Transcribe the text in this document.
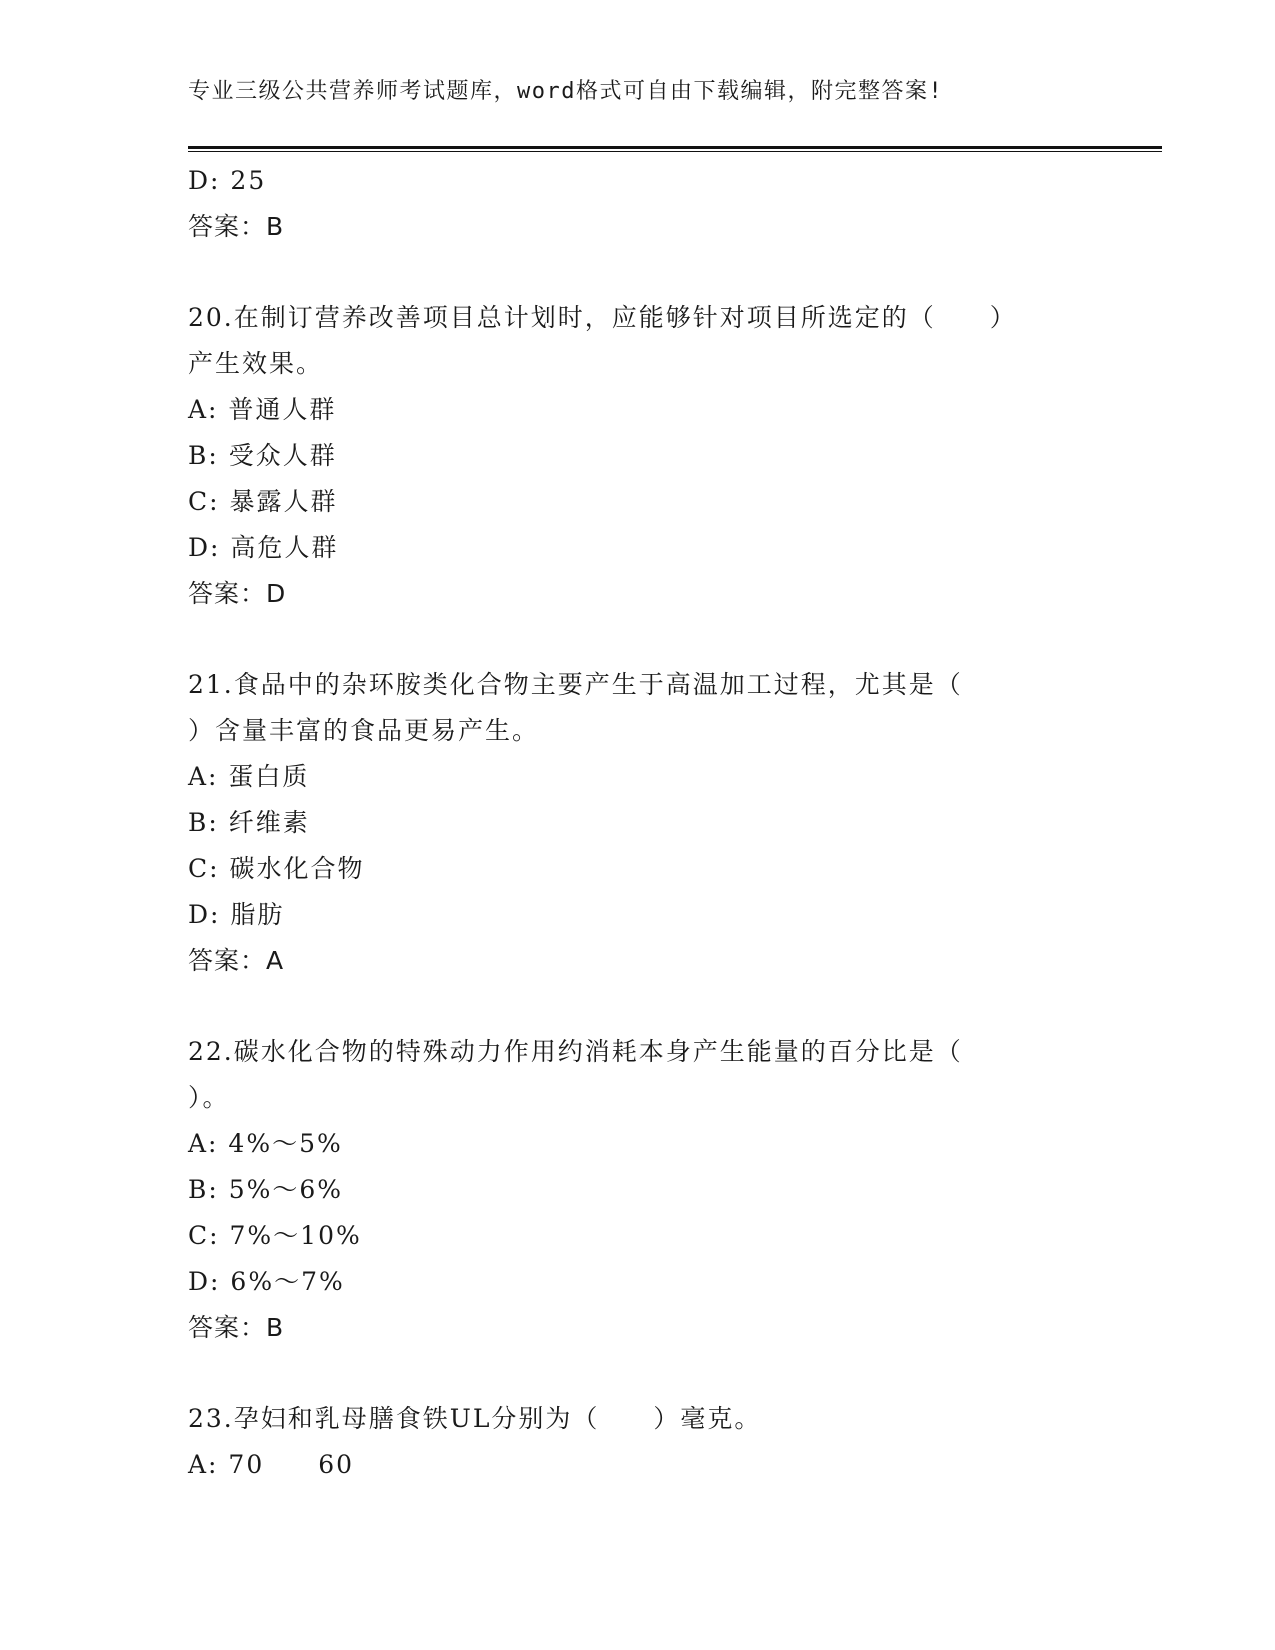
专业三级公共营养师考试题库，word格式可自由下载编辑，附完整答案!
D: 25
答案：B
20.在制订营养改善项目总计划时，应能够针对项目所选定的（　　）
产生效果。
A: 普通人群
B: 受众人群
C: 暴露人群
D: 高危人群
答案：D
21.食品中的杂环胺类化合物主要产生于高温加工过程，尤其是（
）含量丰富的食品更易产生。
A: 蛋白质
B: 纤维素
C: 碳水化合物
D: 脂肪
答案：A
22.碳水化合物的特殊动力作用约消耗本身产生能量的百分比是（
）。
A: 4%～5%
B: 5%～6%
C: 7%～10%
D: 6%～7%
答案：B
23.孕妇和乳母膳食铁UL分别为（　　）毫克。
A: 70　　60
